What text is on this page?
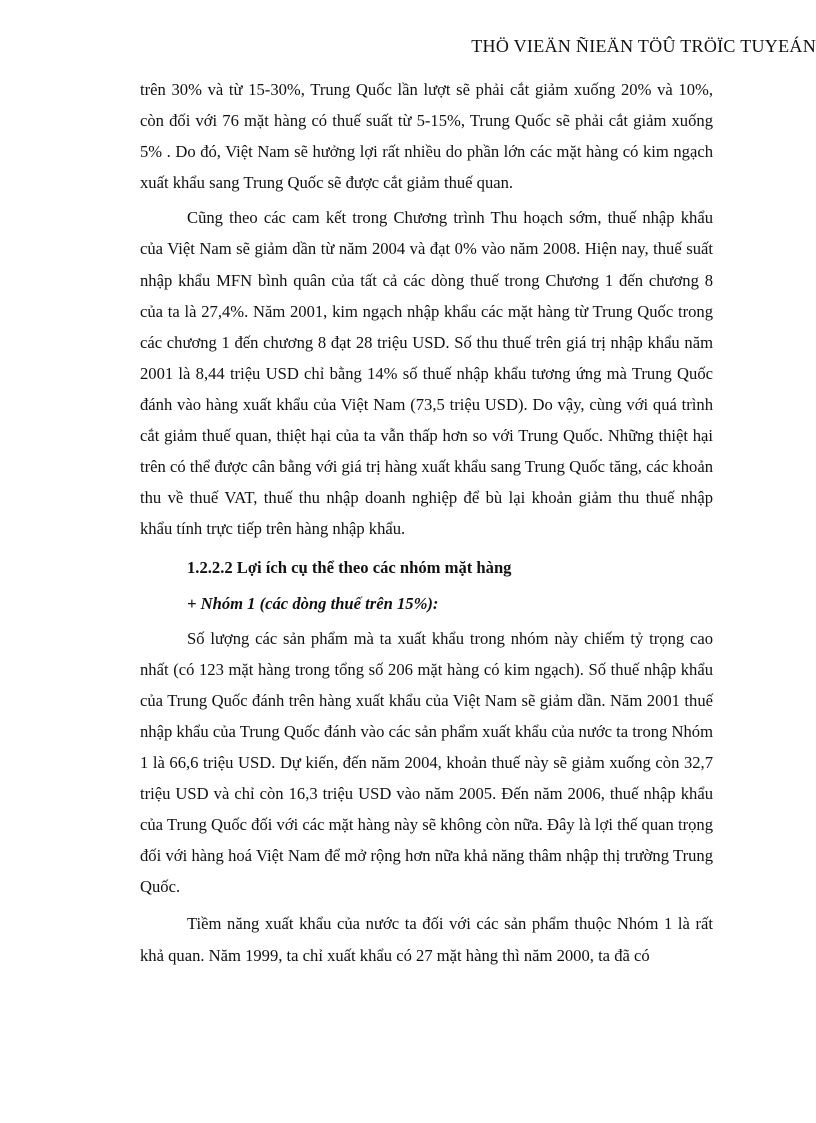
THÖ VIEÄN ÑIEÄN TÖÛ TRÖÏC TUYEÁN

trên 30% và từ 15-30%, Trung Quốc lần lượt sẽ phải cắt giảm xuống 20% và 10%, còn đối với 76 mặt hàng có thuế suất từ 5-15%, Trung Quốc sẽ phải cắt giảm xuống 5% . Do đó, Việt Nam sẽ hưởng lợi rất nhiều do phần lớn các mặt hàng có kim ngạch xuất khẩu sang Trung Quốc sẽ được cắt giảm thuế quan.

Cũng theo các cam kết trong Chương trình Thu hoạch sớm, thuế nhập khẩu của Việt Nam sẽ giảm dần từ năm 2004 và đạt 0% vào năm 2008. Hiện nay, thuế suất nhập khẩu MFN bình quân của tất cả các dòng thuế trong Chương 1 đến chương 8 của ta là 27,4%. Năm 2001, kim ngạch nhập khẩu các mặt hàng từ Trung Quốc trong các chương 1 đến chương 8 đạt 28 triệu USD. Số thu thuế trên giá trị nhập khẩu năm 2001 là 8,44 triệu USD chỉ bằng 14% số thuế nhập khẩu tương ứng mà Trung Quốc đánh vào hàng xuất khẩu của Việt Nam (73,5 triệu USD). Do vậy, cùng với quá trình cắt giảm thuế quan, thiệt hại của ta vẫn thấp hơn so với Trung Quốc. Những thiệt hại trên có thể được cân bằng với giá trị hàng xuất khẩu sang Trung Quốc tăng, các khoản thu về thuế VAT, thuế thu nhập doanh nghiệp để bù lại khoản giảm thu thuế nhập khẩu tính trực tiếp trên hàng nhập khẩu.

1.2.2.2 Lợi ích cụ thể theo các nhóm mặt hàng
+ Nhóm 1 (các dòng thuế trên 15%):

Số lượng các sản phẩm mà ta xuất khẩu trong nhóm này chiếm tỷ trọng cao nhất (có 123 mặt hàng trong tổng số 206 mặt hàng có kim ngạch). Số thuế nhập khẩu của Trung Quốc đánh trên hàng xuất khẩu của Việt Nam sẽ giảm dần. Năm 2001 thuế nhập khẩu của Trung Quốc đánh vào các sản phẩm xuất khẩu của nước ta trong Nhóm 1 là 66,6 triệu USD. Dự kiến, đến năm 2004, khoản thuế này sẽ giảm xuống còn 32,7 triệu USD và chỉ còn 16,3 triệu USD vào năm 2005. Đến năm 2006, thuế nhập khẩu của Trung Quốc đối với các mặt hàng này sẽ không còn nữa. Đây là lợi thế quan trọng đối với hàng hoá Việt Nam để mở rộng hơn nữa khả năng thâm nhập thị trường Trung Quốc.

Tiềm năng xuất khẩu của nước ta đối với các sản phẩm thuộc Nhóm 1 là rất khả quan. Năm 1999, ta chỉ xuất khẩu có 27 mặt hàng thì năm 2000, ta đã có
